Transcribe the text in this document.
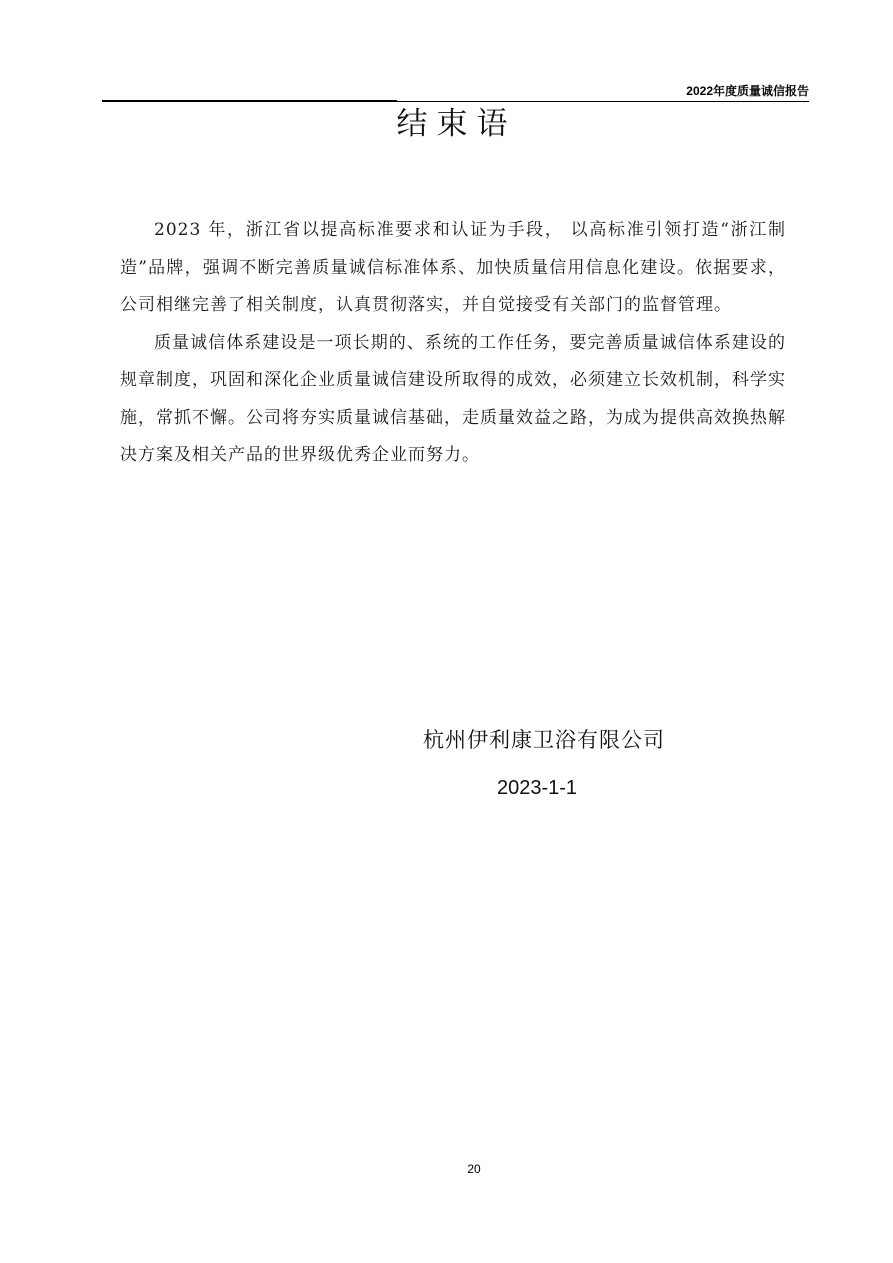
2022年度质量诚信报告
结束语

2023 年，浙江省以提高标准要求和认证为手段， 以高标准引领打造“浙江制造”品牌，强调不断完善质量诚信标准体系、加快质量信用信息化建设。依据要求，公司相继完善了相关制度，认真贯彻落实，并自觉接受有关部门的监督管理。

质量诚信体系建设是一项长期的、系统的工作任务，要完善质量诚信体系建设的规章制度，巩固和深化企业质量诚信建设所取得的成效，必须建立长效机制，科学实施，常抓不懈。公司将夯实质量诚信基础，走质量效益之路，为成为提供高效换热解决方案及相关产品的世界级优秀企业而努力。

杭州伊利康卫浴有限公司
2023-1-1
20
